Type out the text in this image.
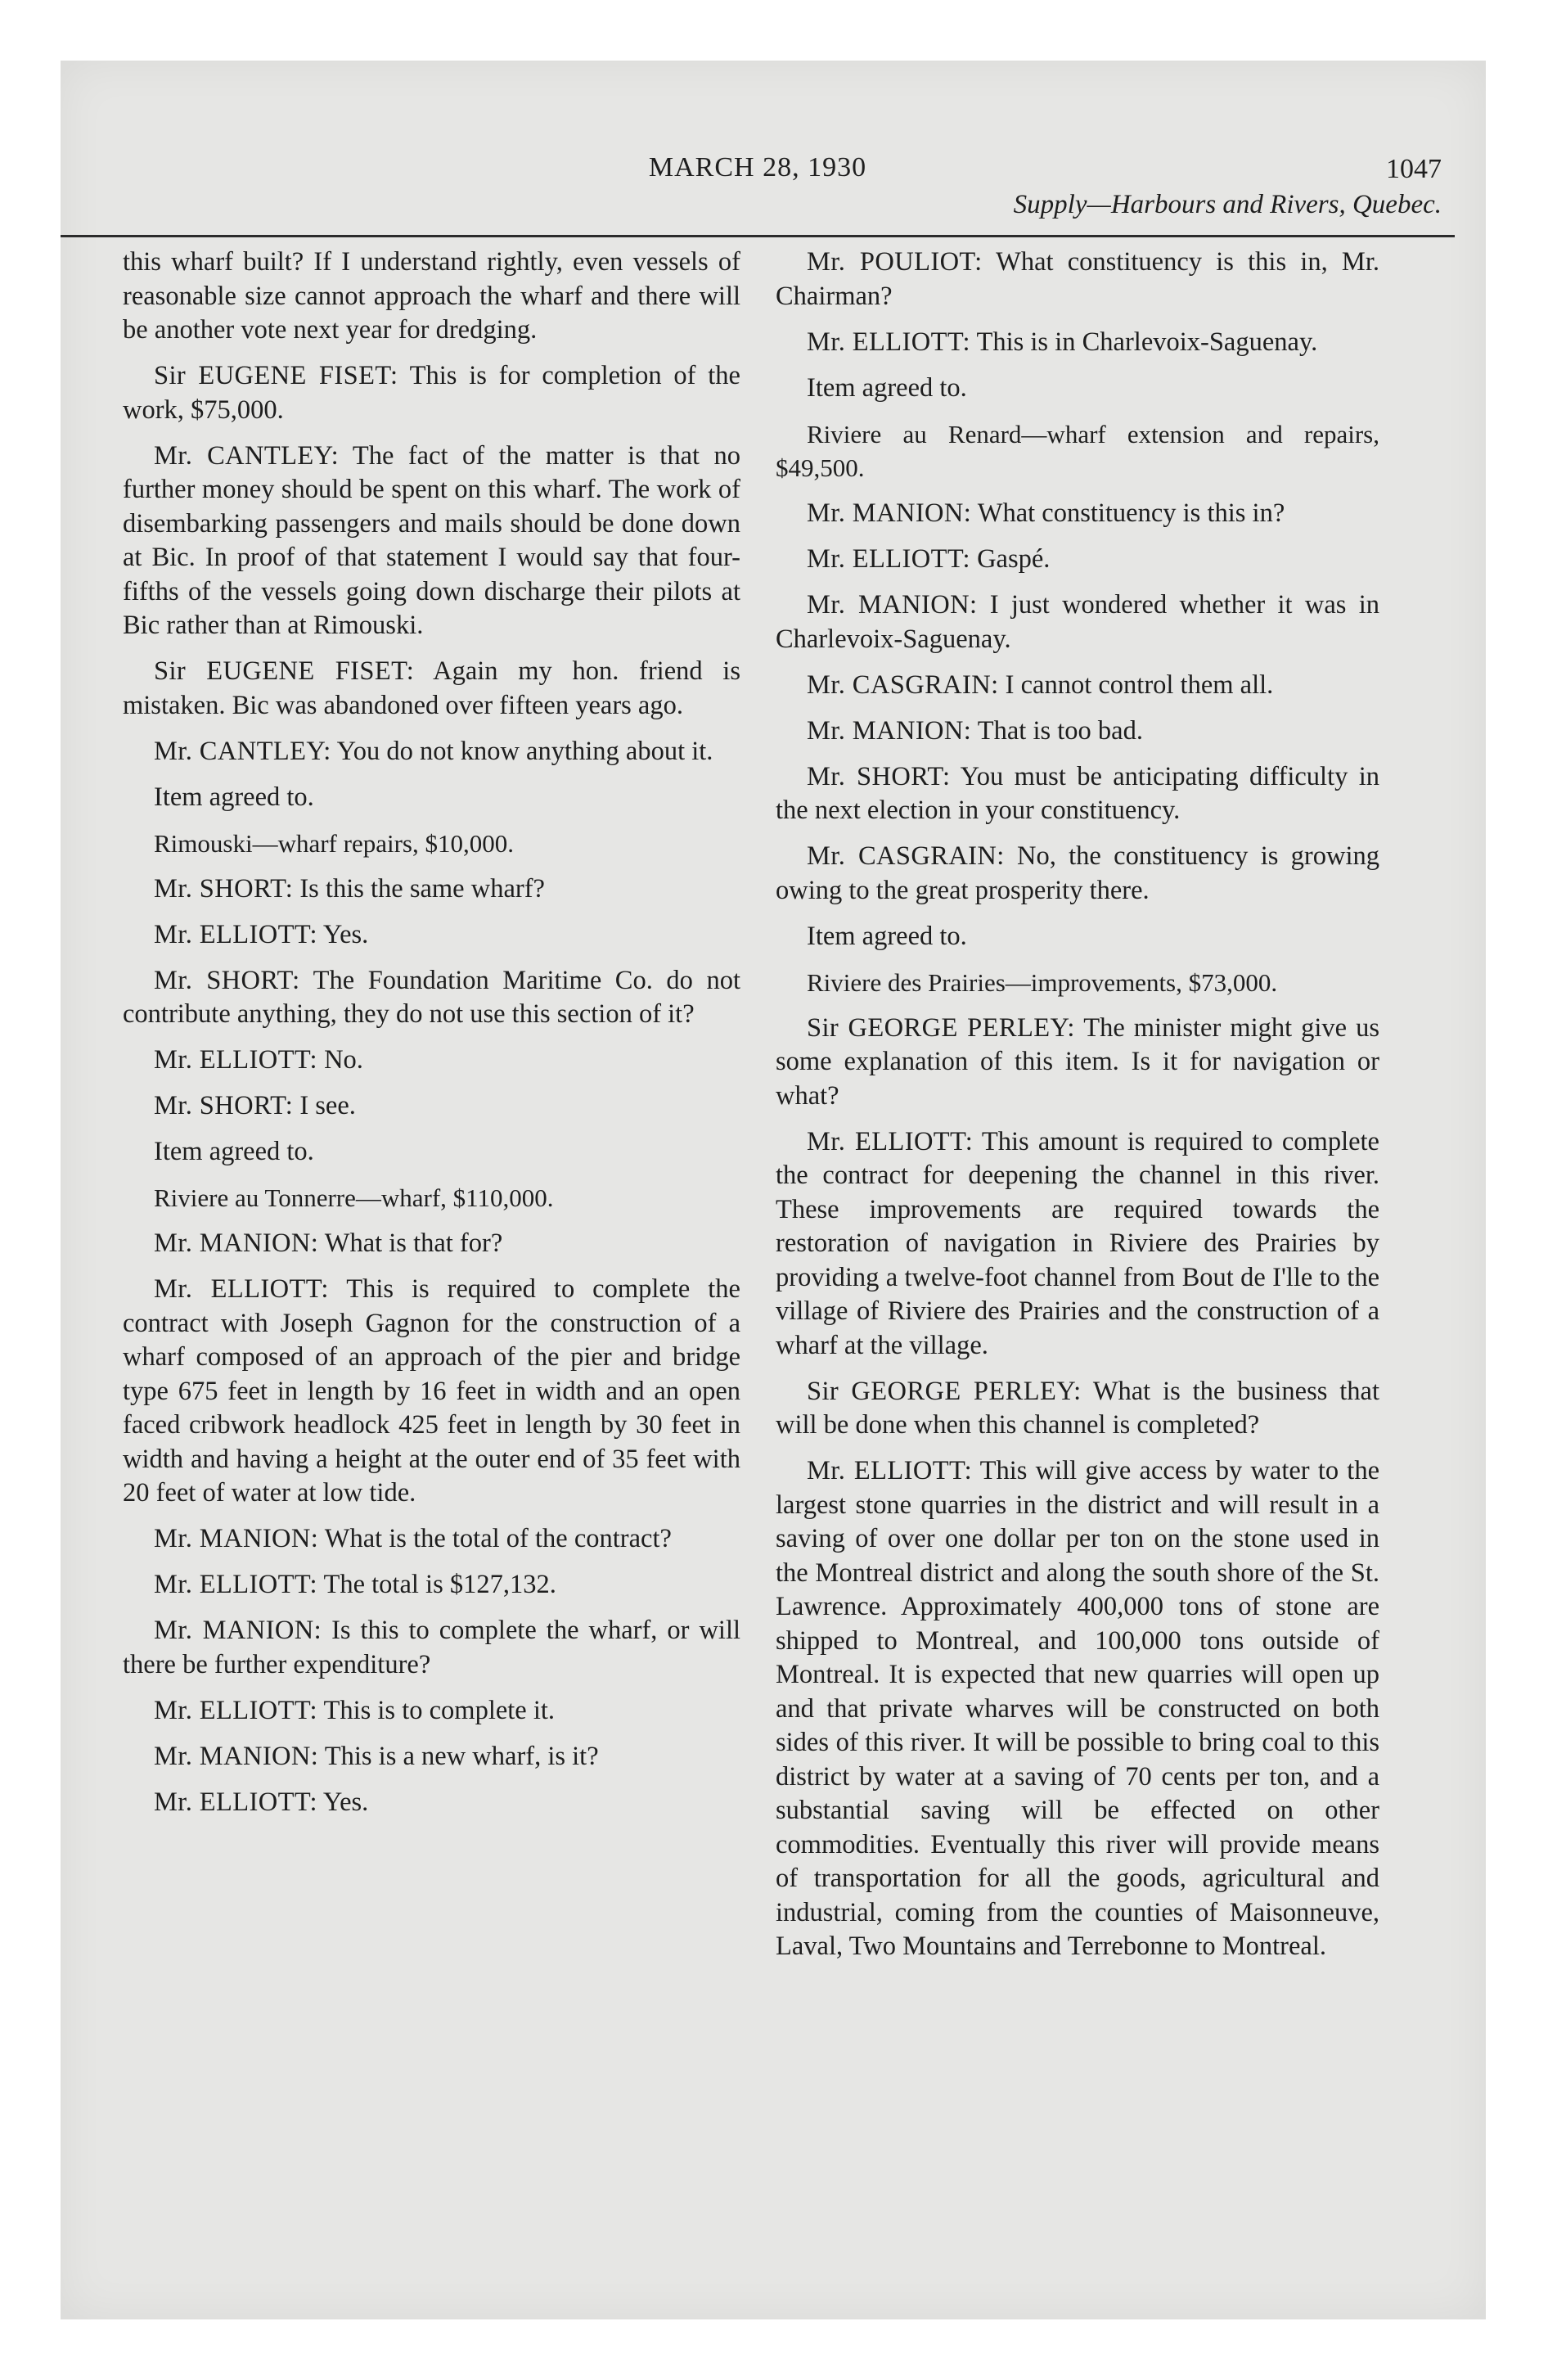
MARCH 28, 1930	1047
Supply—Harbours and Rivers, Quebec.

this wharf built? If I understand rightly, even vessels of reasonable size cannot approach the wharf and there will be another vote next year for dredging.

Sir EUGENE FISET: This is for completion of the work, $75,000.

Mr. CANTLEY: The fact of the matter is that no further money should be spent on this wharf. The work of disembarking passengers and mails should be done down at Bic. In proof of that statement I would say that four-fifths of the vessels going down discharge their pilots at Bic rather than at Rimouski.

Sir EUGENE FISET: Again my hon. friend is mistaken. Bic was abandoned over fifteen years ago.

Mr. CANTLEY: You do not know anything about it.

Item agreed to.

Rimouski—wharf repairs, $10,000.

Mr. SHORT: Is this the same wharf?

Mr. ELLIOTT: Yes.

Mr. SHORT: The Foundation Maritime Co. do not contribute anything, they do not use this section of it?

Mr. ELLIOTT: No.

Mr. SHORT: I see.

Item agreed to.

Riviere au Tonnerre—wharf, $110,000.

Mr. MANION: What is that for?

Mr. ELLIOTT: This is required to complete the contract with Joseph Gagnon for the construction of a wharf composed of an approach of the pier and bridge type 675 feet in length by 16 feet in width and an open faced cribwork headlock 425 feet in length by 30 feet in width and having a height at the outer end of 35 feet with 20 feet of water at low tide.

Mr. MANION: What is the total of the contract?

Mr. ELLIOTT: The total is $127,132.

Mr. MANION: Is this to complete the wharf, or will there be further expenditure?

Mr. ELLIOTT: This is to complete it.

Mr. MANION: This is a new wharf, is it?

Mr. ELLIOTT: Yes.

Mr. POULIOT: What constituency is this in, Mr. Chairman?

Mr. ELLIOTT: This is in Charlevoix-Saguenay.

Item agreed to.

Riviere au Renard—wharf extension and repairs, $49,500.

Mr. MANION: What constituency is this in?

Mr. ELLIOTT: Gaspé.

Mr. MANION: I just wondered whether it was in Charlevoix-Saguenay.

Mr. CASGRAIN: I cannot control them all.

Mr. MANION: That is too bad.

Mr. SHORT: You must be anticipating difficulty in the next election in your constituency.

Mr. CASGRAIN: No, the constituency is growing owing to the great prosperity there.

Item agreed to.

Riviere des Prairies—improvements, $73,000.

Sir GEORGE PERLEY: The minister might give us some explanation of this item. Is it for navigation or what?

Mr. ELLIOTT: This amount is required to complete the contract for deepening the channel in this river. These improvements are required towards the restoration of navigation in Riviere des Prairies by providing a twelve-foot channel from Bout de I'lle to the village of Riviere des Prairies and the construction of a wharf at the village.

Sir GEORGE PERLEY: What is the business that will be done when this channel is completed?

Mr. ELLIOTT: This will give access by water to the largest stone quarries in the district and will result in a saving of over one dollar per ton on the stone used in the Montreal district and along the south shore of the St. Lawrence. Approximately 400,000 tons of stone are shipped to Montreal, and 100,000 tons outside of Montreal. It is expected that new quarries will open up and that private wharves will be constructed on both sides of this river. It will be possible to bring coal to this district by water at a saving of 70 cents per ton, and a substantial saving will be effected on other commodities. Eventually this river will provide means of transportation for all the goods, agricultural and industrial, coming from the counties of Maisonneuve, Laval, Two Mountains and Terrebonne to Montreal.
